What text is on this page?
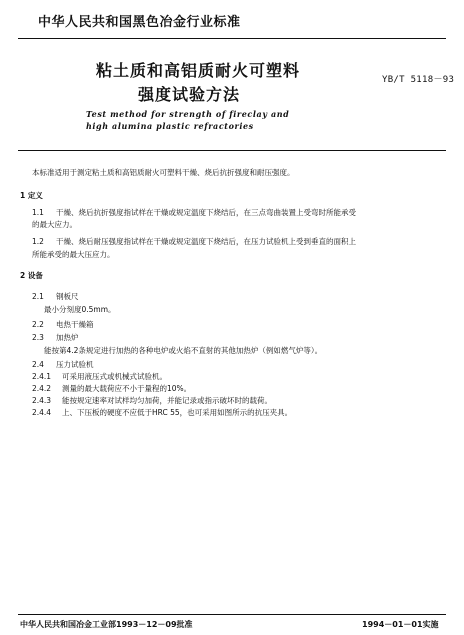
中华人民共和国黑色冶金行业标准
粘土质和高铝质耐火可塑料
强度试验方法
YB/T 5118－93
Test method for strength of fireclay and
high alumina plastic refractories
本标准适用于测定粘土质和高铝质耐火可塑料干燥、烧后抗折强度和耐压强度。
1 定义
1.1 干燥、烧后抗折强度指试样在干燥或规定温度下烧结后，在三点弯曲装置上受弯时所能承受
的最大应力。
1.2 干燥、烧后耐压强度指试样在干燥或规定温度下烧结后，在压力试验机上受到垂直的面积上
所能承受的最大压应力。
2 设备
2.1 钢板尺
最小分刻度0.5mm。
2.2 电热干燥箱
2.3 加热炉
能按第4.2条规定进行加热的各种电炉或火焰不直射的其他加热炉（例如燃气炉等）。
2.4 压力试验机
2.4.1 可采用液压式或机械式试验机。
2.4.2 测量的最大载荷应不小于量程的10%。
2.4.3 能按规定速率对试样均匀加荷，并能记录或指示破坏时的载荷。
2.4.4 上、下压板的硬度不应低于HRC 55，也可采用如图所示的抗压夹具。
中华人民共和国冶金工业部1993－12－09批准	1994－01－01实施
